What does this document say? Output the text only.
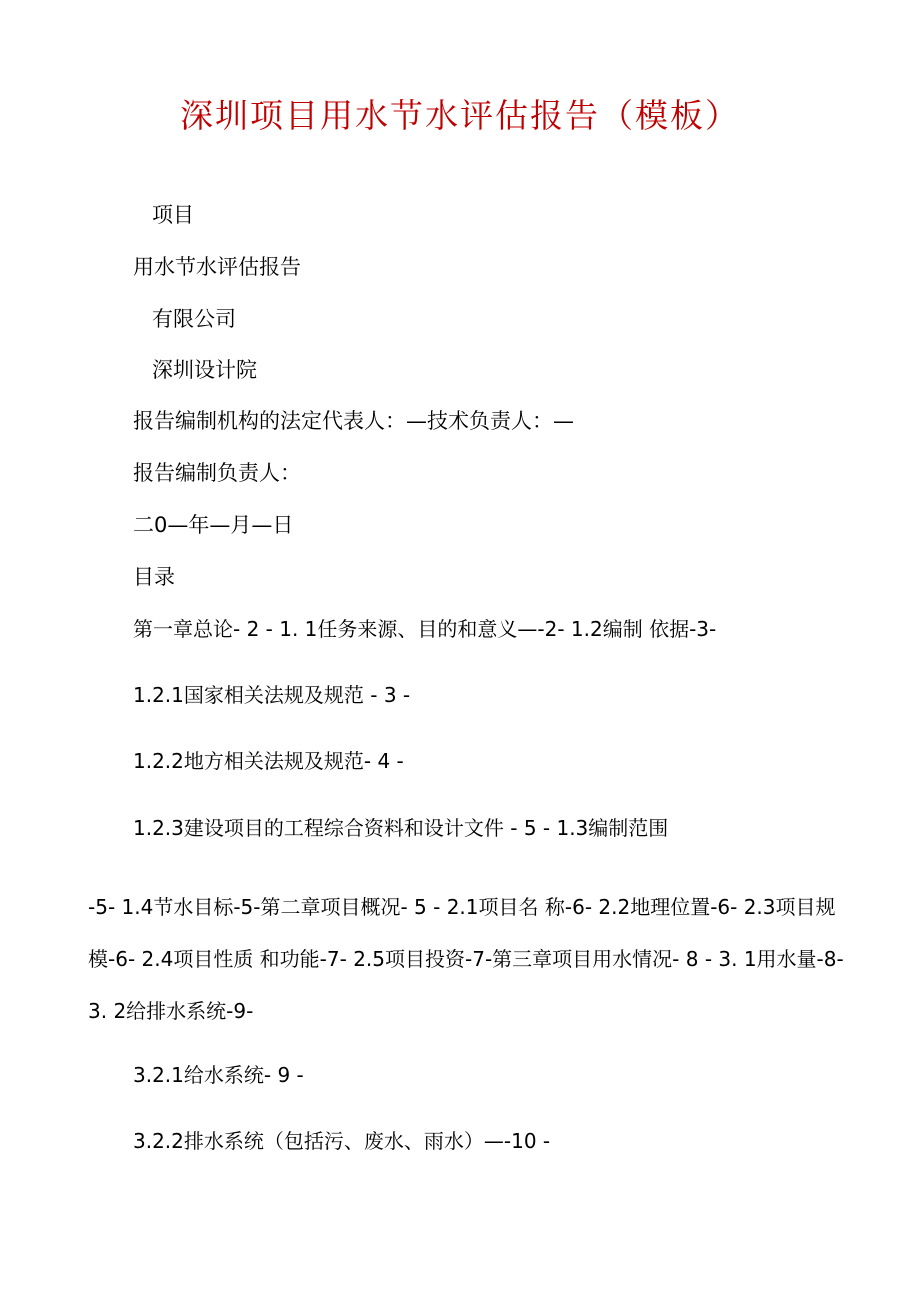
深圳项目用水节水评估报告（模板）
项目
用水节水评估报告
有限公司
深圳设计院
报告编制机构的法定代表人：—技术负责人：—
报告编制负责人：
二0—年—月—日
目录
第一章总论- 2 - 1. 1任务来源、目的和意义—-2- 1.2编制 依据-3-
1.2.1国家相关法规及规范 - 3 -
1.2.2地方相关法规及规范- 4 -
1.2.3建设项目的工程综合资料和设计文件 - 5 - 1.3编制范围
-5- 1.4节水目标-5-第二章项目概况- 5 - 2.1项目名 称-6- 2.2地理位置-6- 2.3项目规模-6- 2.4项目性质 和功能-7- 2.5项目投资-7-第三章项目用水情况- 8 - 3. 1用水量-8- 3. 2给排水系统-9-
3.2.1给水系统- 9 -
3.2.2排水系统（包括污、废水、雨水）—-10 -
